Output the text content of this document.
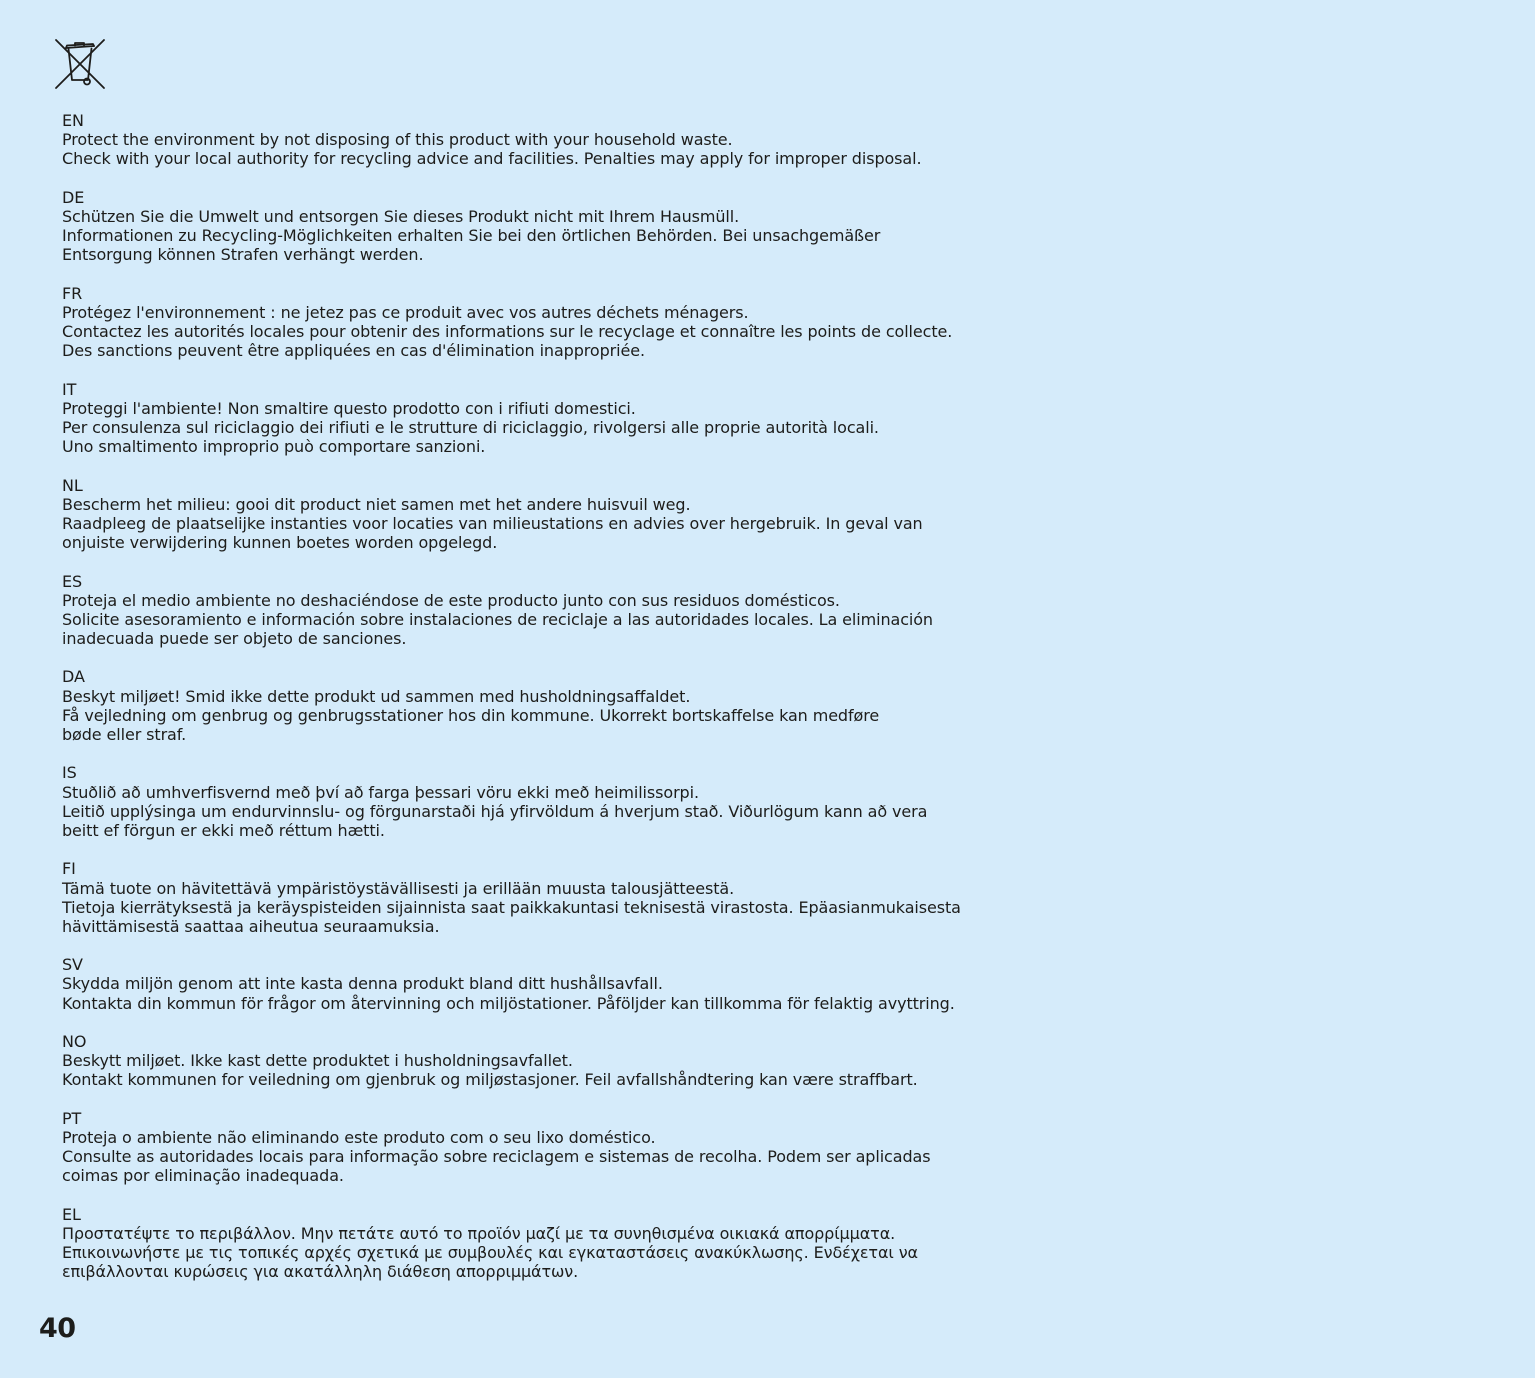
EN
Protect the environment by not disposing of this product with your household waste.
Check with your local authority for recycling advice and facilities. Penalties may apply for improper disposal.
DE
Schützen Sie die Umwelt und entsorgen Sie dieses Produkt nicht mit Ihrem Hausmüll.
Informationen zu Recycling-Möglichkeiten erhalten Sie bei den örtlichen Behörden. Bei unsachgemäßer
Entsorgung können Strafen verhängt werden.
FR
Protégez l'environnement : ne jetez pas ce produit avec vos autres déchets ménagers.
Contactez les autorités locales pour obtenir des informations sur le recyclage et connaître les points de collecte.
Des sanctions peuvent être appliquées en cas d'élimination inappropriée.
IT
Proteggi l'ambiente! Non smaltire questo prodotto con i rifiuti domestici.
Per consulenza sul riciclaggio dei rifiuti e le strutture di riciclaggio, rivolgersi alle proprie autorità locali.
Uno smaltimento improprio può comportare sanzioni.
NL
Bescherm het milieu: gooi dit product niet samen met het andere huisvuil weg.
Raadpleeg de plaatselijke instanties voor locaties van milieustations en advies over hergebruik. In geval van
onjuiste verwijdering kunnen boetes worden opgelegd.
ES
Proteja el medio ambiente no deshaciéndose de este producto junto con sus residuos domésticos.
Solicite asesoramiento e información sobre instalaciones de reciclaje a las autoridades locales. La eliminación
inadecuada puede ser objeto de sanciones.
DA
Beskyt miljøet! Smid ikke dette produkt ud sammen med husholdningsaffaldet.
Få vejledning om genbrug og genbrugsstationer hos din kommune. Ukorrekt bortskaffelse kan medføre
bøde eller straf.
IS
Stuðlið að umhverfisvernd með því að farga þessari vöru ekki með heimilissorpi.
Leitið upplýsinga um endurvinnslu- og förgunarstaði hjá yfirvöldum á hverjum stað. Viðurlögum kann að vera
beitt ef förgun er ekki með réttum hætti.
FI
Tämä tuote on hävitettävä ympäristöystävällisesti ja erillään muusta talousjätteestä.
Tietoja kierrätyksestä ja keräyspisteiden sijainnista saat paikkakuntasi teknisestä virastosta. Epäasianmukaisesta
hävittämisestä saattaa aiheutua seuraamuksia.
SV
Skydda miljön genom att inte kasta denna produkt bland ditt hushållsavfall.
Kontakta din kommun för frågor om återvinning och miljöstationer. Påföljder kan tillkomma för felaktig avyttring.
NO
Beskytt miljøet. Ikke kast dette produktet i husholdningsavfallet.
Kontakt kommunen for veiledning om gjenbruk og miljøstasjoner. Feil avfallshåndtering kan være straffbart.
PT
Proteja o ambiente não eliminando este produto com o seu lixo doméstico.
Consulte as autoridades locais para informação sobre reciclagem e sistemas de recolha. Podem ser aplicadas
coimas por eliminação inadequada.
EL
Προστατέψτε το περιβάλλον. Μην πετάτε αυτό το προϊόν μαζί με τα συνηθισμένα οικιακά απορρίμματα.
Επικοινωνήστε με τις τοπικές αρχές σχετικά με συμβουλές και εγκαταστάσεις ανακύκλωσης. Ενδέχεται να
επιβάλλονται κυρώσεις για ακατάλληλη διάθεση απορριμμάτων.
40
